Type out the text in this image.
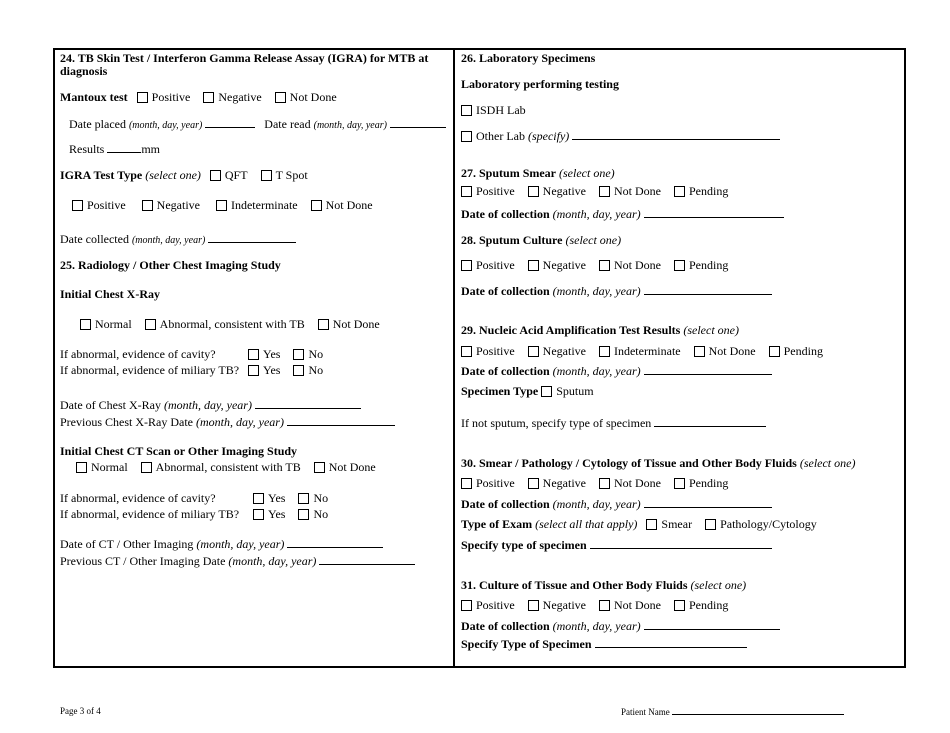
24. TB Skin Test / Interferon Gamma Release Assay (IGRA) for MTB at
diagnosis
Mantoux test Positive Negative Not Done
Date placed (month, day, year)	Date read (month, day, year)
Results	mm
IGRA Test Type (select one) QFT T Spot
Positive	Negative	Indeterminate Not Done
Date collected (month, day, year)
25. Radiology / Other Chest Imaging Study
Initial Chest X-Ray
Normal Abnormal, consistent with TB Not Done
If abnormal, evidence of cavity?	Yes No
If abnormal, evidence of miliary TB?	Yes No
Date of Chest X-Ray (month, day, year)
Previous Chest X-Ray Date (month, day, year)
Initial Chest CT Scan or Other Imaging Study
Normal Abnormal, consistent with TB Not Done
If abnormal, evidence of cavity?	Yes No
If abnormal, evidence of miliary TB?	Yes No
Date of CT / Other Imaging (month, day, year)
Previous CT / Other Imaging Date (month, day, year)
26. Laboratory Specimens
Laboratory performing testing
ISDH Lab
Other Lab (specify)
27. Sputum Smear (select one)
Positive Negative Not Done Pending
Date of collection (month, day, year)
28. Sputum Culture (select one)
Positive Negative Not Done Pending
Date of collection (month, day, year)
29. Nucleic Acid Amplification Test Results (select one)
Positive Negative Indeterminate Not Done Pending
Date of collection (month, day, year)
Specimen Type Sputum
If not sputum, specify type of specimen
30. Smear / Pathology / Cytology of Tissue and Other Body Fluids (select one)
Positive Negative Not Done Pending
Date of collection (month, day, year)
Type of Exam (select all that apply) Smear Pathology/Cytology
Specify type of specimen
31. Culture of Tissue and Other Body Fluids (select one)
Positive Negative Not Done Pending
Date of collection (month, day, year)
Specify Type of Specimen
Page 3 of 4	Patient Name
